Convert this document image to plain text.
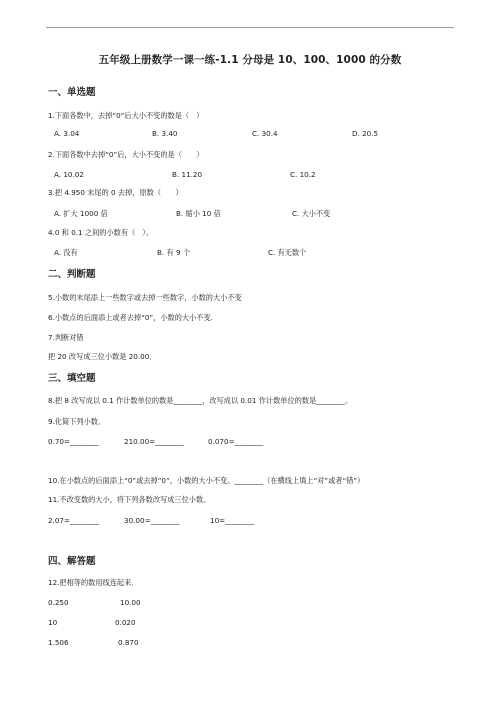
五年级上册数学一课一练-1.1 分母是 10、100、1000 的分数
一、单选题
1.下面各数中，去掉“0”后大小不变的数是（　）
A. 3.04	B. 3.40	C. 30.4	D. 20.5
2.下面各数中去掉“0”后，大小不变的是（　　）
A. 10.02	B. 11.20	C. 10.2
3.把 4.950 末尾的 0 去掉，原数（　　）
A. 扩大 1000 倍	B. 缩小 10 倍	C. 大小不变
4.0 和 0.1 之间的小数有（　）。
A. 没有	B. 有 9 个	C. 有无数个
二、判断题
5.小数的末尾添上一些数字或去掉一些数字，小数的大小不变
6.小数点的后面添上或者去掉“0”，小数的大小不变.
7.判断对错
把 20 改写成三位小数是 20.00．
三、填空题
8.把 8 改写成以 0.1 作计数单位的数是________，改写成以 0.01 作计数单位的数是________。
9.化简下列小数．
0.70=________	210.00=________	0.070=________
10.在小数点的后面添上“0”或去掉“0”，小数的大小不变。________（在横线上填上“对”或者“错”）
11.不改变数的大小，将下列各数改写成三位小数。
2.07=________	30.00=________	10=________
四、解答题
12.把相等的数用线连起来．
0.250	10.00
10	0.020
1.506	0.870
